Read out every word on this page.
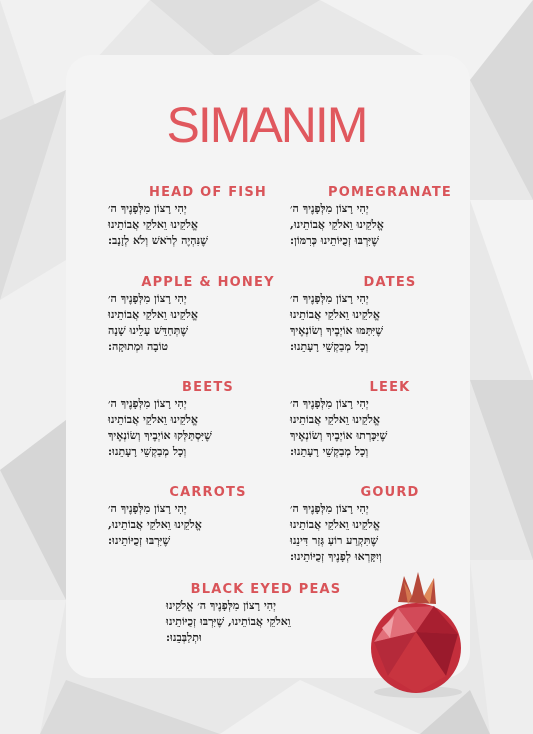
SIMANIM
HEAD OF FISH

יְהִי רָצוֹן מִלְּפָנֶיךָ ה׳
אֱלֹקֵינוּ וֵאלֹקֵי אֲבוֹתֵינוּ
שֶׁנִּהְיֶה לְרֹאשׁ וְלֹא לְזָנָב:

POMEGRANATE

יְהִי רָצוֹן מִלְּפָנֶיךָ ה׳
אֱלֹקֵינוּ וֵאלֹקֵי אֲבוֹתֵינוּ,
שֶׁיִּרְבּוּ זְכֻיּוֹתֵינוּ כְּרִמּוֹן:

APPLE & HONEY

יְהִי רָצוֹן מִלְּפָנֶיךָ ה׳
אֱלֹקֵינוּ וֵאלֹקֵי אֲבוֹתֵינוּ
שֶׁתְּחַדֵּשׁ עָלֵינוּ שָׁנָה
טוֹבָה וּמְתוּקָה:

DATES

יְהִי רָצוֹן מִלְּפָנֶיךָ ה׳
אֱלֹקֵינוּ וֵאלֹקֵי אֲבוֹתֵינוּ
שֶׁיִּתַּמּוּ אוֹיְבֶיךָ וְשׂוֹנְאֶיךָ
וְכָל מְבַקְשֵׁי רָעָתֵנוּ:

BEETS

יְהִי רָצוֹן מִלְּפָנֶיךָ ה׳
אֱלֹקֵינוּ וֵאלֹקֵי אֲבוֹתֵינוּ
שֶׁיִּסְתַּלְּקוּ אוֹיְבֶיךָ וְשׂוֹנְאֶיךָ
וְכָל מְבַקְשֵׁי רָעָתֵנוּ:

LEEK

יְהִי רָצוֹן מִלְּפָנֶיךָ ה׳
אֱלֹקֵינוּ וֵאלֹקֵי אֲבוֹתֵינוּ
שֶׁיִּכָּרְתוּ אוֹיְבֶיךָ וְשׂוֹנְאֶיךָ
וְכָל מְבַקְשֵׁי רָעָתֵנוּ:

CARROTS

יְהִי רָצוֹן מִלְּפָנֶיךָ ה׳
אֱלֹקֵינוּ וֵאלֹקֵי אֲבוֹתֵינוּ,
שֶׁיִּרְבּוּ זְכֻיּוֹתֵינוּ:

GOURD

יְהִי רָצוֹן מִלְּפָנֶיךָ ה׳
אֱלֹקֵינוּ וֵאלֹקֵי אֲבוֹתֵינוּ
שֶׁתִּקְרַע רוֹעַ גְּזַר דִּינֵנוּ
וְיִקָּרְאוּ לְפָנֶיךָ זְכֻיּוֹתֵינוּ:

BLACK EYED PEAS

יְהִי רָצוֹן מִלְּפָנֶיךָ ה׳ אֱלֹקֵינוּ
וֵאלֹקֵי אֲבוֹתֵינוּ, שֶׁיִּרְבּוּ זְכֻיּוֹתֵינוּ
וּתְלַבְּבֵנוּ:
